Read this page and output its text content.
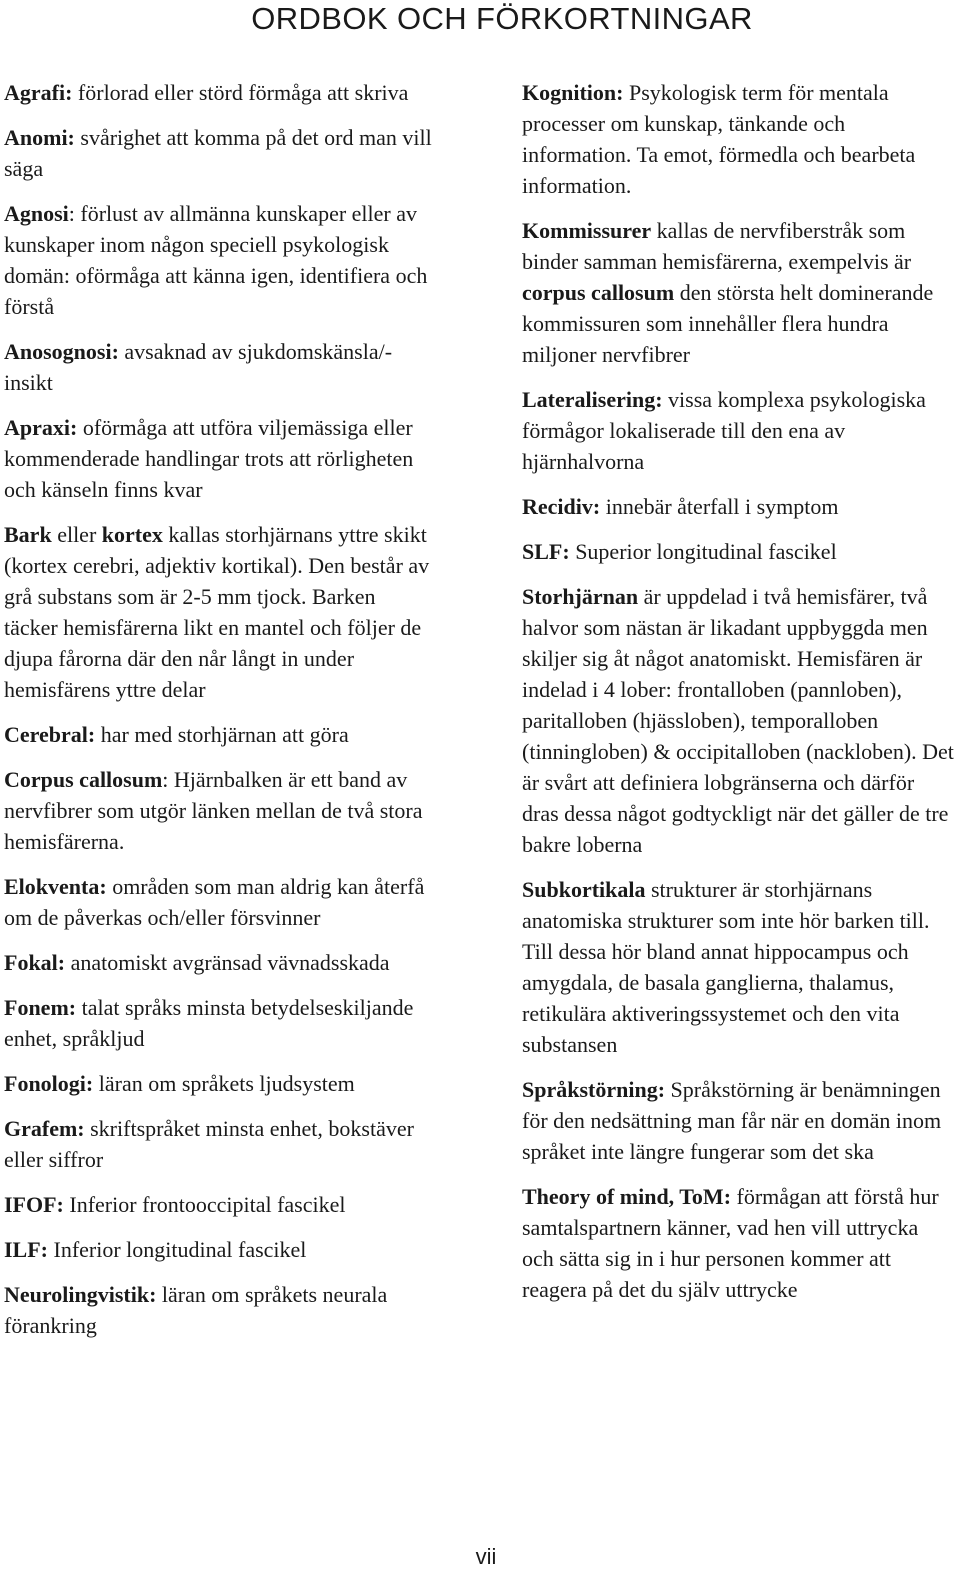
ORDBOK OCH FÖRKORTNINGAR

Agrafi: förlorad eller störd förmåga att skriva

Anomi: svårighet att komma på det ord man vill säga

Agnosi: förlust av allmänna kunskaper eller av kunskaper inom någon speciell psykologisk domän: oförmåga att känna igen, identifiera och förstå

Anosognosi: avsaknad av sjukdomskänsla/-insikt

Apraxi: oförmåga att utföra viljemässiga eller kommenderade handlingar trots att rörligheten och känseln finns kvar

Bark eller kortex kallas storhjärnans yttre skikt (kortex cerebri, adjektiv kortikal). Den består av grå substans som är 2-5 mm tjock. Barken täcker hemisfärerna likt en mantel och följer de djupa fårorna där den når långt in under hemisfärens yttre delar

Cerebral: har med storhjärnan att göra

Corpus callosum: Hjärnbalken är ett band av nervfibrer som utgör länken mellan de två stora hemisfärerna.

Elokventa: områden som man aldrig kan återfå om de påverkas och/eller försvinner

Fokal: anatomiskt avgränsad vävnadsskada

Fonem: talat språks minsta betydelseskiljande enhet, språkljud

Fonologi: läran om språkets ljudsystem

Grafem: skriftspråket minsta enhet, bokstäver eller siffror

IFOF: Inferior frontooccipital fascikel

ILF: Inferior longitudinal fascikel

Neurolingvistik: läran om språkets neurala förankring

Kognition: Psykologisk term för mentala processer om kunskap, tänkande och information. Ta emot, förmedla och bearbeta information.

Kommissurer kallas de nervfiberstråk som binder samman hemisfärerna, exempelvis är corpus callosum den största helt dominerande kommissuren som innehåller flera hundra miljoner nervfibrer

Lateralisering: vissa komplexa psykologiska förmågor lokaliserade till den ena av hjärnhalvorna

Recidiv: innebär återfall i symptom

SLF: Superior longitudinal fascikel

Storhjärnan är uppdelad i två hemisfärer, två halvor som nästan är likadant uppbyggda men skiljer sig åt något anatomiskt. Hemisfären är indelad i 4 lober: frontalloben (pannloben), paritalloben (hjässloben), temporalloben (tinningloben) & occipitalloben (nackloben). Det är svårt att definiera lobgränserna och därför dras dessa något godtyckligt när det gäller de tre bakre loberna

Subkortikala strukturer är storhjärnans anatomiska strukturer som inte hör barken till. Till dessa hör bland annat hippocampus och amygdala, de basala ganglierna, thalamus, retikulära aktiveringssystemet och den vita substansen

Språkstörning: Språkstörning är benämningen för den nedsättning man får när en domän inom språket inte längre fungerar som det ska

Theory of mind, ToM: förmågan att förstå hur samtalspartnern känner, vad hen vill uttrycka och sätta sig in i hur personen kommer att reagera på det du själv uttrycke

vii
